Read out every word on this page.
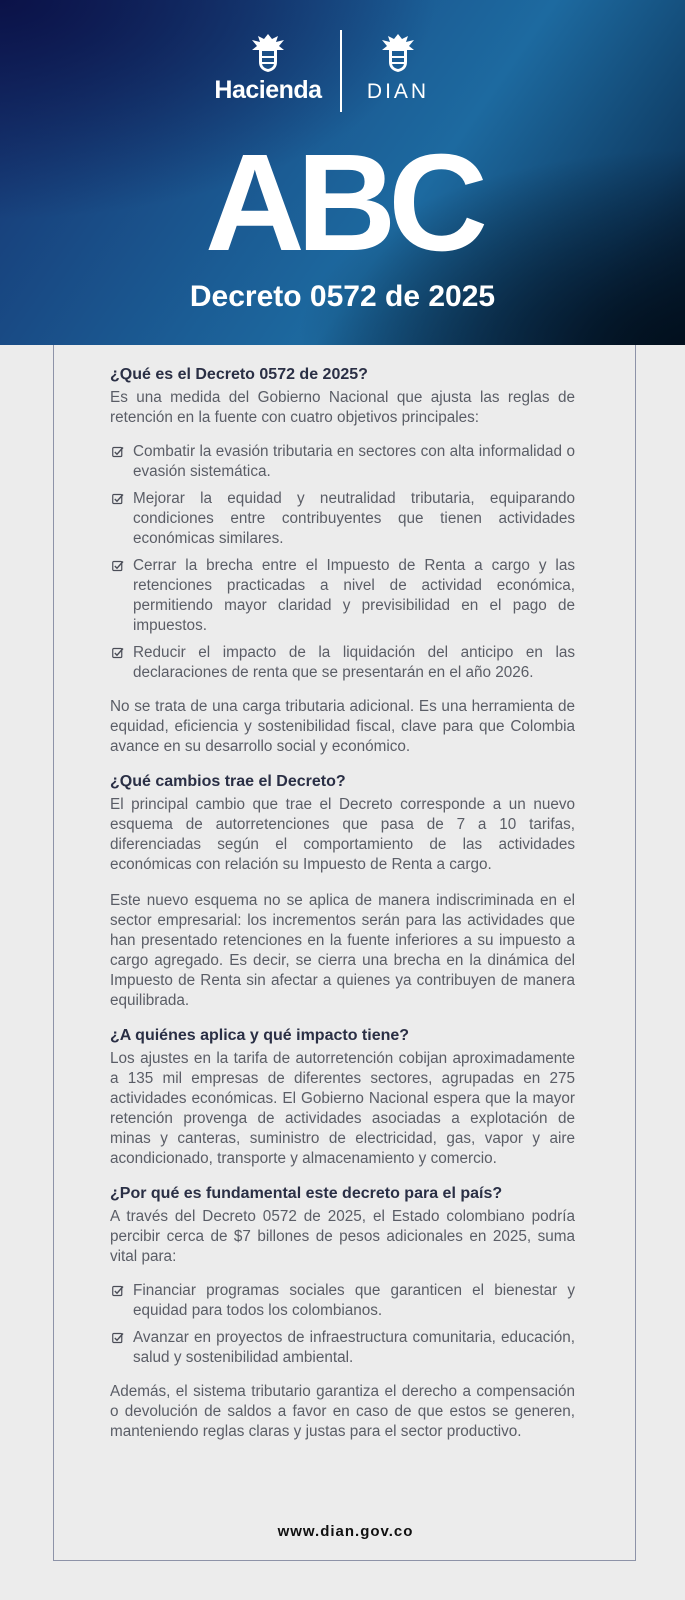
Hacienda	DIAN
ABC
Decreto 0572 de 2025
¿Qué es el Decreto 0572 de 2025?

Es una medida del Gobierno Nacional que ajusta las reglas de retención en la fuente con cuatro objetivos principales:

Combatir la evasión tributaria en sectores con alta informalidad o evasión sistemática.
Mejorar la equidad y neutralidad tributaria, equiparando condiciones entre contribuyentes que tienen actividades económicas similares.
Cerrar la brecha entre el Impuesto de Renta a cargo y las retenciones practicadas a nivel de actividad económica, permitiendo mayor claridad y previsibilidad en el pago de impuestos.
Reducir el impacto de la liquidación del anticipo en las declaraciones de renta que se presentarán en el año 2026.

No se trata de una carga tributaria adicional. Es una herramienta de equidad, eficiencia y sostenibilidad fiscal, clave para que Colombia avance en su desarrollo social y económico.

¿Qué cambios trae el Decreto?

El principal cambio que trae el Decreto corresponde a un nuevo esquema de autorretenciones que pasa de 7 a 10 tarifas, diferenciadas según el comportamiento de las actividades económicas con relación su Impuesto de Renta a cargo.

Este nuevo esquema no se aplica de manera indiscriminada en el sector empresarial: los incrementos serán para las actividades que han presentado retenciones en la fuente inferiores a su impuesto a cargo agregado. Es decir, se cierra una brecha en la dinámica del Impuesto de Renta sin afectar a quienes ya contribuyen de manera equilibrada.

¿A quiénes aplica y qué impacto tiene?

Los ajustes en la tarifa de autorretención cobijan aproximadamente a 135 mil empresas de diferentes sectores, agrupadas en 275 actividades económicas. El Gobierno Nacional espera que la mayor retención provenga de actividades asociadas a explotación de minas y canteras, suministro de electricidad, gas, vapor y aire acondicionado, transporte y almacenamiento y comercio.

¿Por qué es fundamental este decreto para el país?

A través del Decreto 0572 de 2025, el Estado colombiano podría percibir cerca de $7 billones de pesos adicionales en 2025, suma vital para:

Financiar programas sociales que garanticen el bienestar y equidad para todos los colombianos.
Avanzar en proyectos de infraestructura comunitaria, educación, salud y sostenibilidad ambiental.

Además, el sistema tributario garantiza el derecho a compensación o devolución de saldos a favor en caso de que estos se generen, manteniendo reglas claras y justas para el sector productivo.

www.dian.gov.co
